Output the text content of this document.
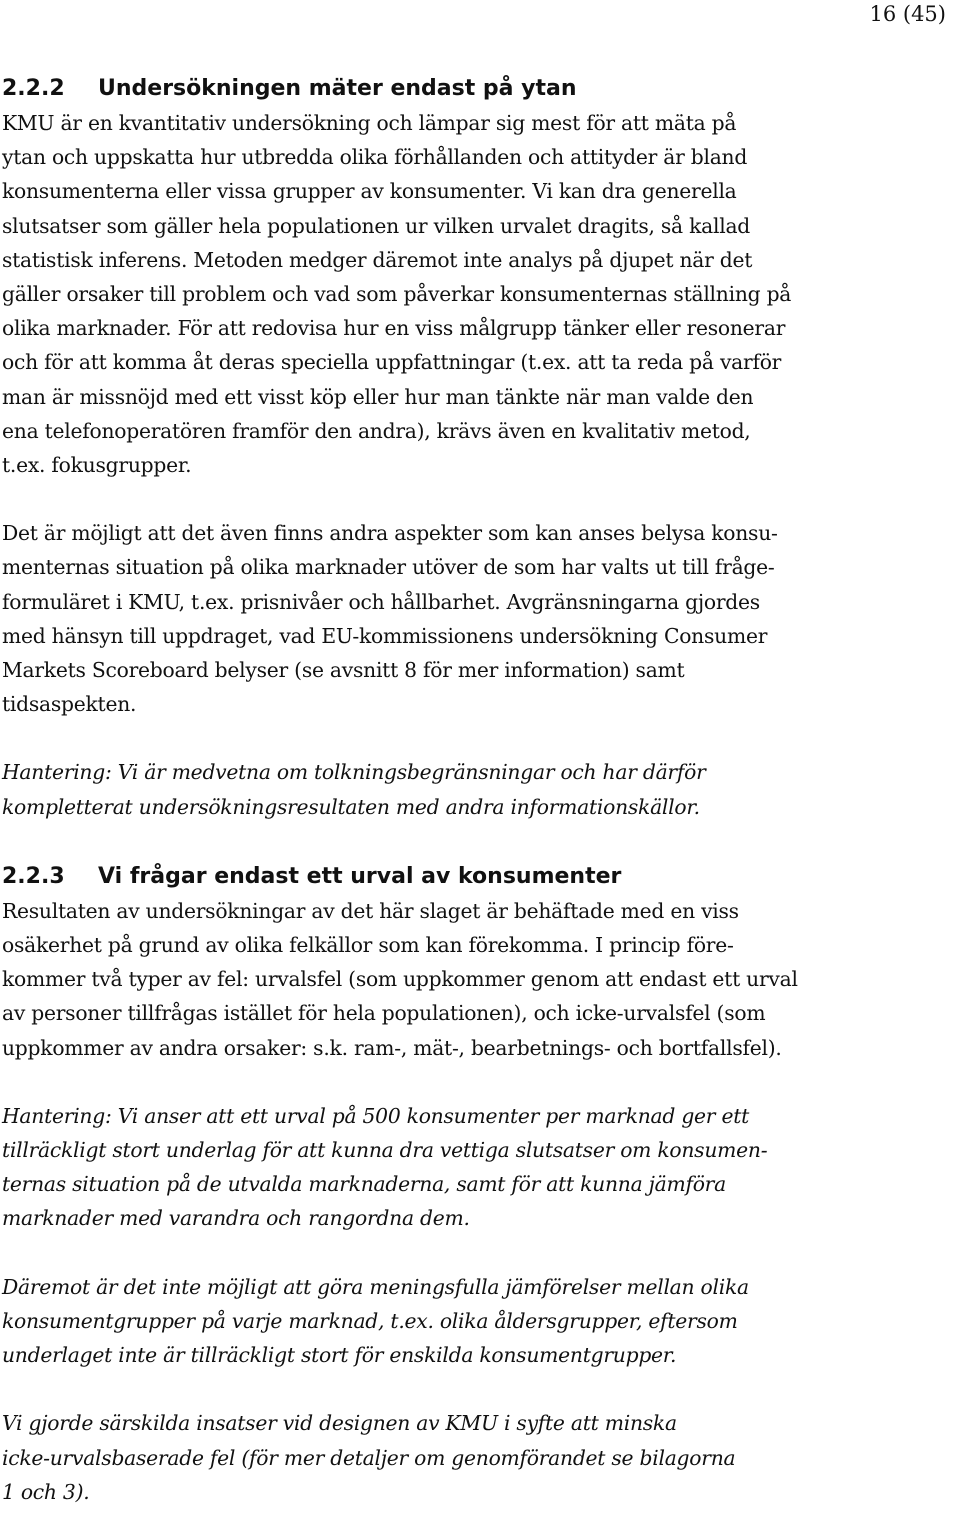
16 (45)
2.2.2 Undersökningen mäter endast på ytan

KMU är en kvantitativ undersökning och lämpar sig mest för att mäta på
ytan och uppskatta hur utbredda olika förhållanden och attityder är bland
konsumenterna eller vissa grupper av konsumenter. Vi kan dra generella
slutsatser som gäller hela populationen ur vilken urvalet dragits, så kallad
statistisk inferens. Metoden medger däremot inte analys på djupet när det
gäller orsaker till problem och vad som påverkar konsumenternas ställning på
olika marknader. För att redovisa hur en viss målgrupp tänker eller resonerar
och för att komma åt deras speciella uppfattningar (t.ex. att ta reda på varför
man är missnöjd med ett visst köp eller hur man tänkte när man valde den
ena telefonoperatören framför den andra), krävs även en kvalitativ metod,
t.ex. fokusgrupper.

Det är möjligt att det även finns andra aspekter som kan anses belysa konsu-
menternas situation på olika marknader utöver de som har valts ut till fråge-
formuläret i KMU, t.ex. prisnivåer och hållbarhet. Avgränsningarna gjordes
med hänsyn till uppdraget, vad EU-kommissionens undersökning Consumer
Markets Scoreboard belyser (se avsnitt 8 för mer information) samt
tidsaspekten.

Hantering: Vi är medvetna om tolkningsbegränsningar och har därför
kompletterat undersökningsresultaten med andra informationskällor.

2.2.3 Vi frågar endast ett urval av konsumenter

Resultaten av undersökningar av det här slaget är behäftade med en viss
osäkerhet på grund av olika felkällor som kan förekomma. I princip före-
kommer två typer av fel: urvalsfel (som uppkommer genom att endast ett urval
av personer tillfrågas istället för hela populationen), och icke-urvalsfel (som
uppkommer av andra orsaker: s.k. ram-, mät-, bearbetnings- och bortfallsfel).

Hantering: Vi anser att ett urval på 500 konsumenter per marknad ger ett
tillräckligt stort underlag för att kunna dra vettiga slutsatser om konsumen-
ternas situation på de utvalda marknaderna, samt för att kunna jämföra
marknader med varandra och rangordna dem.

Däremot är det inte möjligt att göra meningsfulla jämförelser mellan olika
konsumentgrupper på varje marknad, t.ex. olika åldersgrupper, eftersom
underlaget inte är tillräckligt stort för enskilda konsumentgrupper.

Vi gjorde särskilda insatser vid designen av KMU i syfte att minska
icke-urvalsbaserade fel (för mer detaljer om genomförandet se bilagorna
1 och 3).
